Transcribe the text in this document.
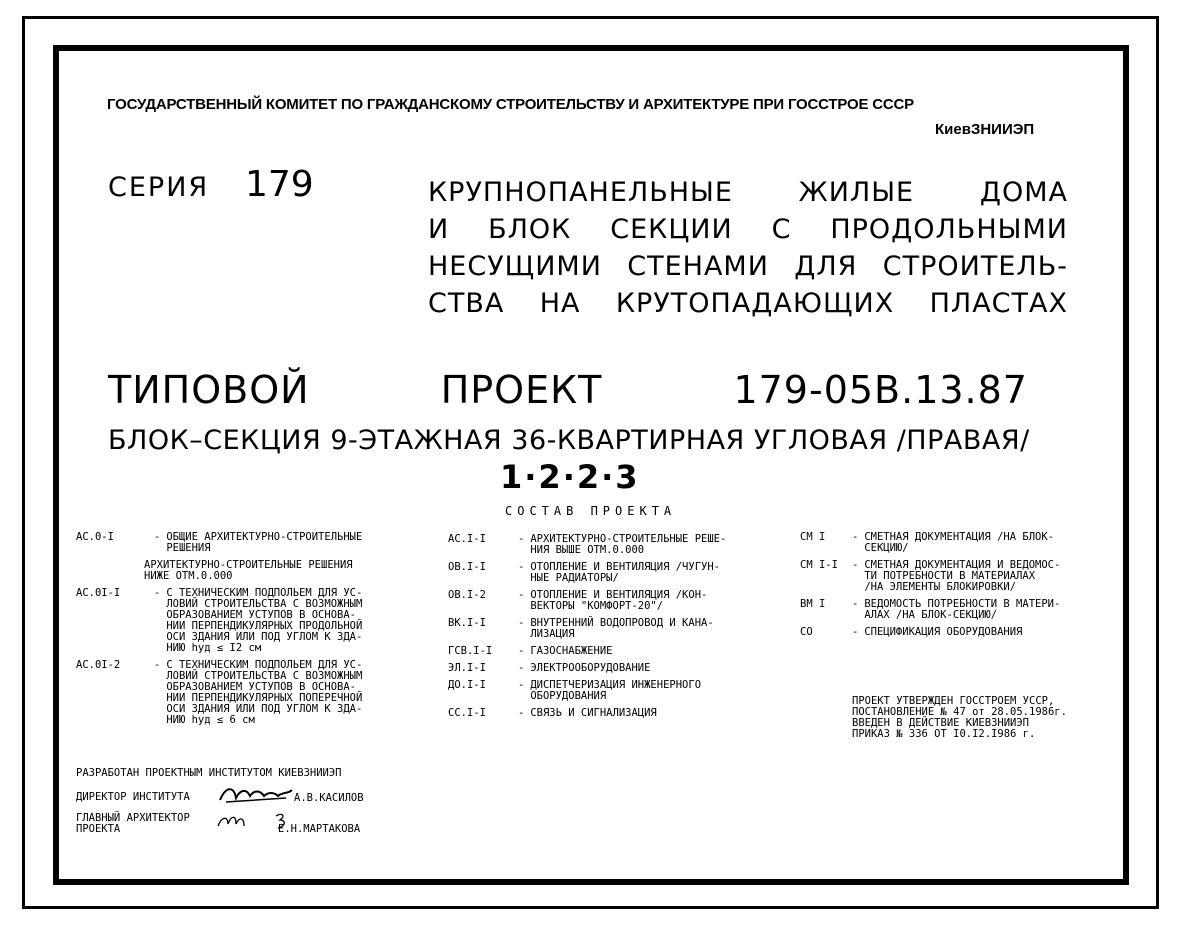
ГОСУДАРСТВЕННЫЙ КОМИТЕТ ПО ГРАЖДАНСКОМУ СТРОИТЕЛЬСТВУ И АРХИТЕКТУРЕ ПРИ ГОССТРОЕ СССР
КиевЗНИИЭП
СЕРИЯ 179	КРУПНОПАНЕЛЬНЫЕ ЖИЛЫЕ ДОМА
И БЛОК СЕКЦИИ С ПРОДОЛЬНЫМИ
НЕСУЩИМИ СТЕНАМИ ДЛЯ СТРОИТЕЛЬ-
СТВА НА КРУТОПАДАЮЩИХ ПЛАСТАХ
ТИПОВОЙ	ПРОЕКТ	179-05В.13.87
БЛОК–СЕКЦИЯ 9-ЭТАЖНАЯ 36-КВАРТИРНАЯ УГЛОВАЯ /ПРАВАЯ/
1·2·2·3
СОСТАВ ПРОЕКТА
АС.0-I	- ОБЩИЕ АРХИТЕКТУРНО-СТРОИТЕЛЬНЫЕ
РЕШЕНИЯ
АРХИТЕКТУРНО-СТРОИТЕЛЬНЫЕ РЕШЕНИЯ
НИЖЕ ОТМ.0.000
АС.0I-I	- С ТЕХНИЧЕСКИМ ПОДПОЛЬЕМ ДЛЯ УС-
ЛОВИЙ СТРОИТЕЛЬСТВА С ВОЗМОЖНЫМ
ОБРАЗОВАНИЕМ УСТУПОВ В ОСНОВА-
НИИ ПЕРПЕНДИКУЛЯРНЫХ ПРОДОЛЬНОЙ
ОСИ ЗДАНИЯ ИЛИ ПОД УГЛОМ К ЗДА-
НИЮ hуд ≤ I2 см
АС.0I-2	- С ТЕХНИЧЕСКИМ ПОДПОЛЬЕМ ДЛЯ УС-
ЛОВИЙ СТРОИТЕЛЬСТВА С ВОЗМОЖНЫМ
ОБРАЗОВАНИЕМ УСТУПОВ В ОСНОВА-
НИИ ПЕРПЕНДИКУЛЯРНЫХ ПОПЕРЕЧНОЙ
ОСИ ЗДАНИЯ ИЛИ ПОД УГЛОМ К ЗДА-
НИЮ hуд ≤ 6 см
АС.I-I	- АРХИТЕКТУРНО-СТРОИТЕЛЬНЫЕ РЕШЕ-
НИЯ ВЫШЕ ОТМ.0.000
ОВ.I-I	- ОТОПЛЕНИЕ И ВЕНТИЛЯЦИЯ /ЧУГУН-
НЫЕ РАДИАТОРЫ/
ОВ.I-2	- ОТОПЛЕНИЕ И ВЕНТИЛЯЦИЯ /КОН-
ВЕКТОРЫ "КОМФОРТ-20"/
ВК.I-I	- ВНУТРЕННИЙ ВОДОПРОВОД И КАНА-
ЛИЗАЦИЯ
ГСВ.I-I	- ГАЗОСНАБЖЕНИЕ
ЭЛ.I-I	- ЭЛЕКТРООБОРУДОВАНИЕ
ДО.I-I	- ДИСПЕТЧЕРИЗАЦИЯ ИНЖЕНЕРНОГО
ОБОРУДОВАНИЯ
СС.I-I	- СВЯЗЬ И СИГНАЛИЗАЦИЯ
СМ I	- СМЕТНАЯ ДОКУМЕНТАЦИЯ /НА БЛОК-
СЕКЦИЮ/
СМ I-I	- СМЕТНАЯ ДОКУМЕНТАЦИЯ И ВЕДОМОС-
ТИ ПОТРЕБНОСТИ В МАТЕРИАЛАХ
/НА ЭЛЕМЕНТЫ БЛОКИРОВКИ/
ВМ I	- ВЕДОМОСТЬ ПОТРЕБНОСТИ В МАТЕРИ-
АЛАХ /НА БЛОК-СЕКЦИЮ/
СО	- СПЕЦИФИКАЦИЯ ОБОРУДОВАНИЯ
ПРОЕКТ УТВЕРЖДЕН ГОССТРОЕМ УССР,
ПОСТАНОВЛЕНИЕ № 47 от 28.05.1986г.
ВВЕДЕН В ДЕЙСТВИЕ КИЕВЗНИИЭП
ПРИКАЗ № 336 ОТ I0.I2.I986 г.
РАЗРАБОТАН ПРОЕКТНЫМ ИНСТИТУТОМ КИЕВЗНИИЭП
ДИРЕКТОР ИНСТИТУТА	А.В.КАСИЛОВ
ГЛАВНЫЙ АРХИТЕКТОР
ПРОЕКТА	Е.Н.МАРТАКОВА
